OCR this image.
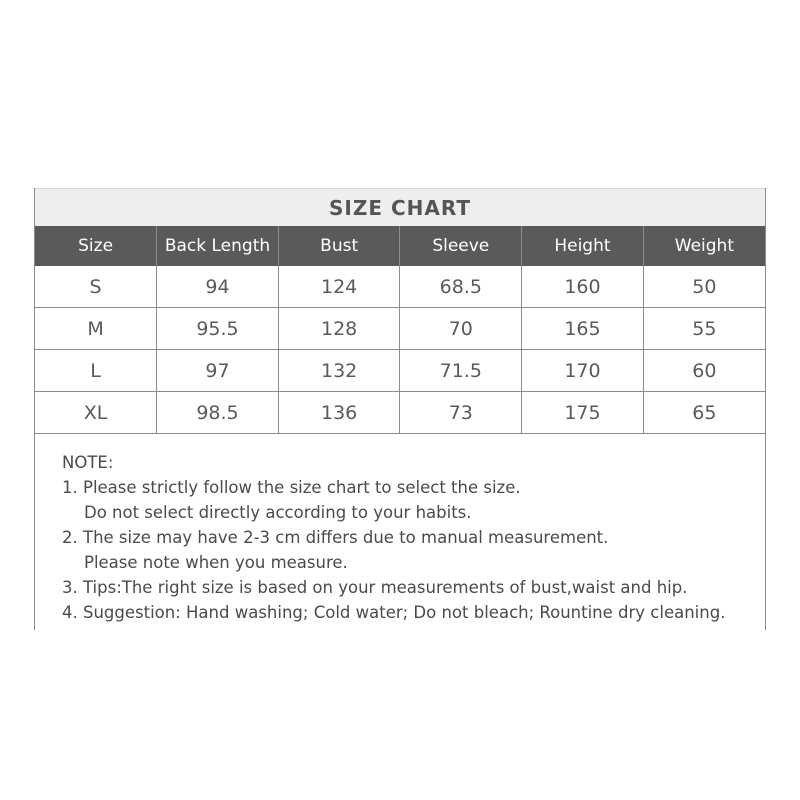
SIZE CHART
Size	Back Length	Bust	Sleeve	Height	Weight
S	94	124	68.5	160	50
M	95.5	128	70	165	55
L	97	132	71.5	170	60
XL	98.5	136	73	175	65
NOTE:
1. Please strictly follow the size chart to select the size.
Do not select directly according to your habits.
2. The size may have 2-3 cm differs due to manual measurement.
Please note when you measure.
3. Tips:The right size is based on your measurements of bust,waist and hip.
4. Suggestion: Hand washing; Cold water; Do not bleach; Rountine dry cleaning.
